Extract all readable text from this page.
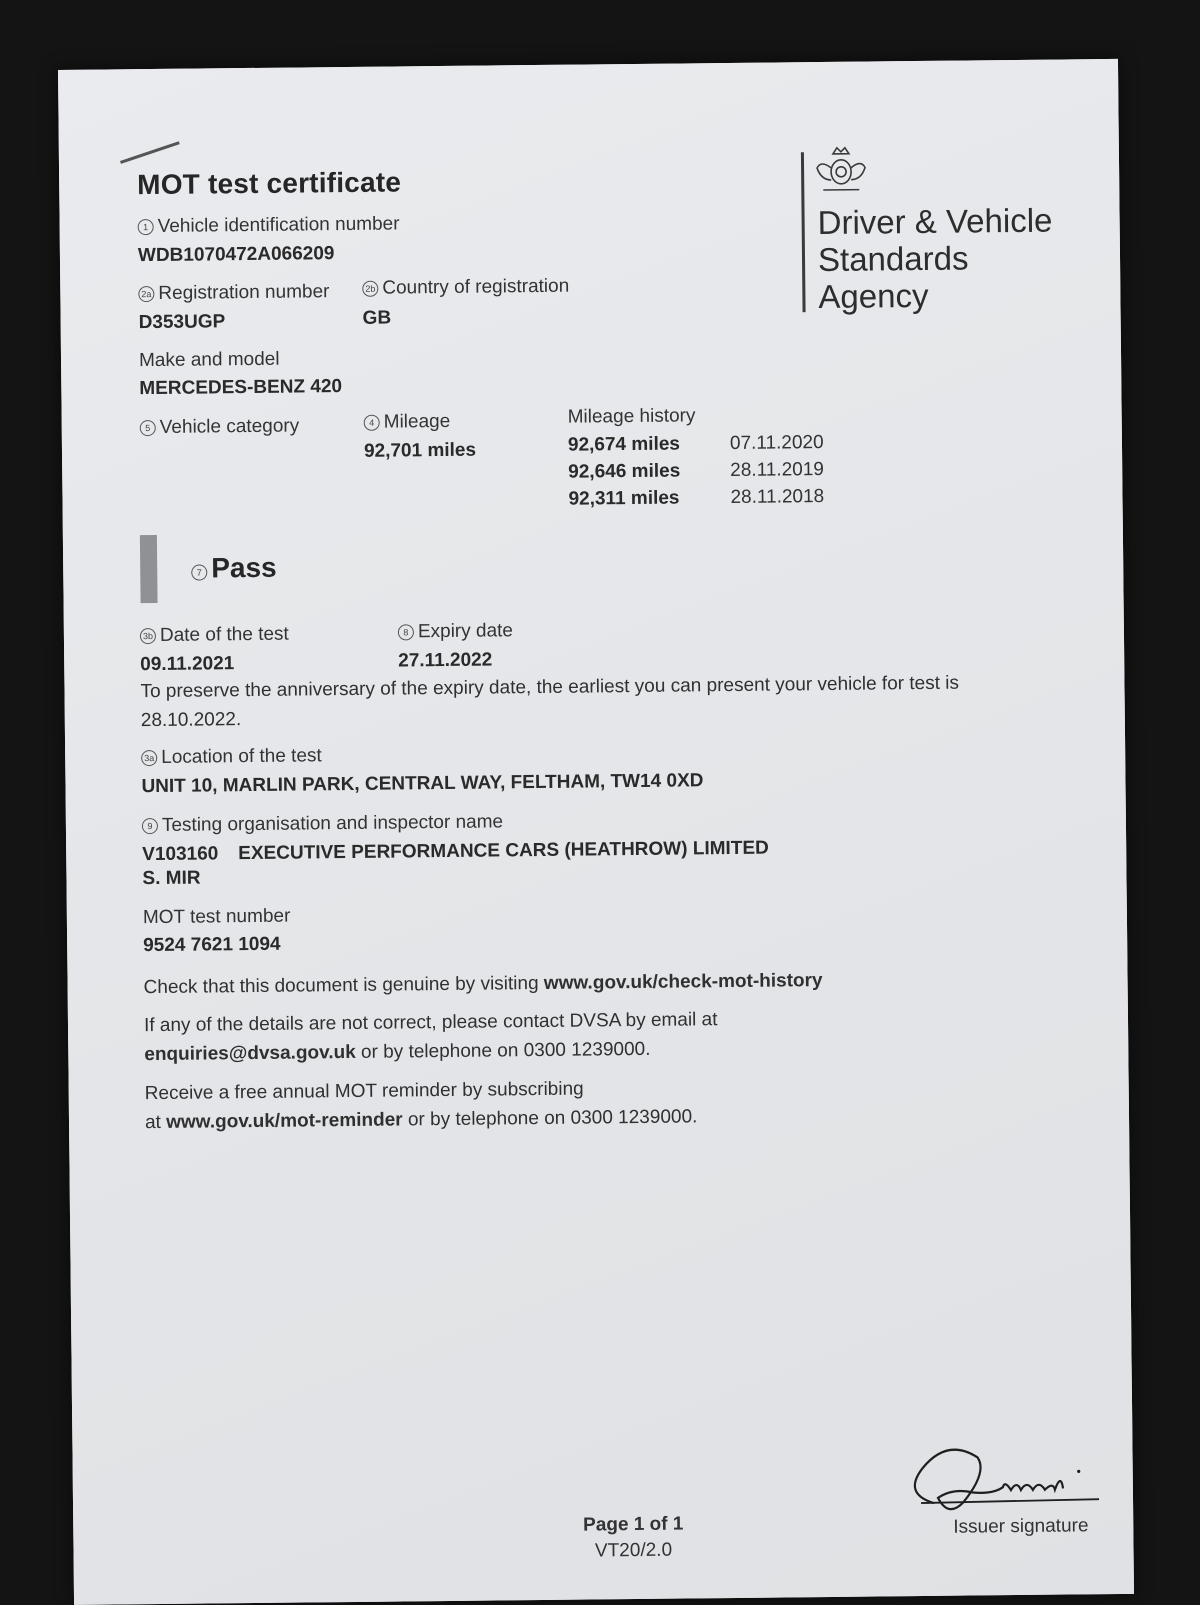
MOT test certificate
Driver & Vehicle
Standards
Agency
1 Vehicle identification number
WDB1070472A066209
2a Registration number
D353UGP
2b Country of registration
GB
Make and model
MERCEDES-BENZ 420
5 Vehicle category	4 Mileage
92,701 miles
Mileage history
92,674 miles	07.11.2020
92,646 miles	28.11.2019
92,311 miles	28.11.2018
7 Pass
3b Date of the test
09.11.2021
8 Expiry date
27.11.2022
To preserve the anniversary of the expiry date, the earliest you can present your vehicle for test is
28.10.2022.
3a Location of the test
UNIT 10, MARLIN PARK, CENTRAL WAY, FELTHAM, TW14 0XD
9 Testing organisation and inspector name
V103160 EXECUTIVE PERFORMANCE CARS (HEATHROW) LIMITED
S. MIR
MOT test number
9524 7621 1094
Check that this document is genuine by visiting www.gov.uk/check-mot-history
If any of the details are not correct, please contact DVSA by email at
enquiries@dvsa.gov.uk or by telephone on 0300 1239000.
Receive a free annual MOT reminder by subscribing
at www.gov.uk/mot-reminder or by telephone on 0300 1239000.
Page 1 of 1
VT20/2.0
Issuer signature
